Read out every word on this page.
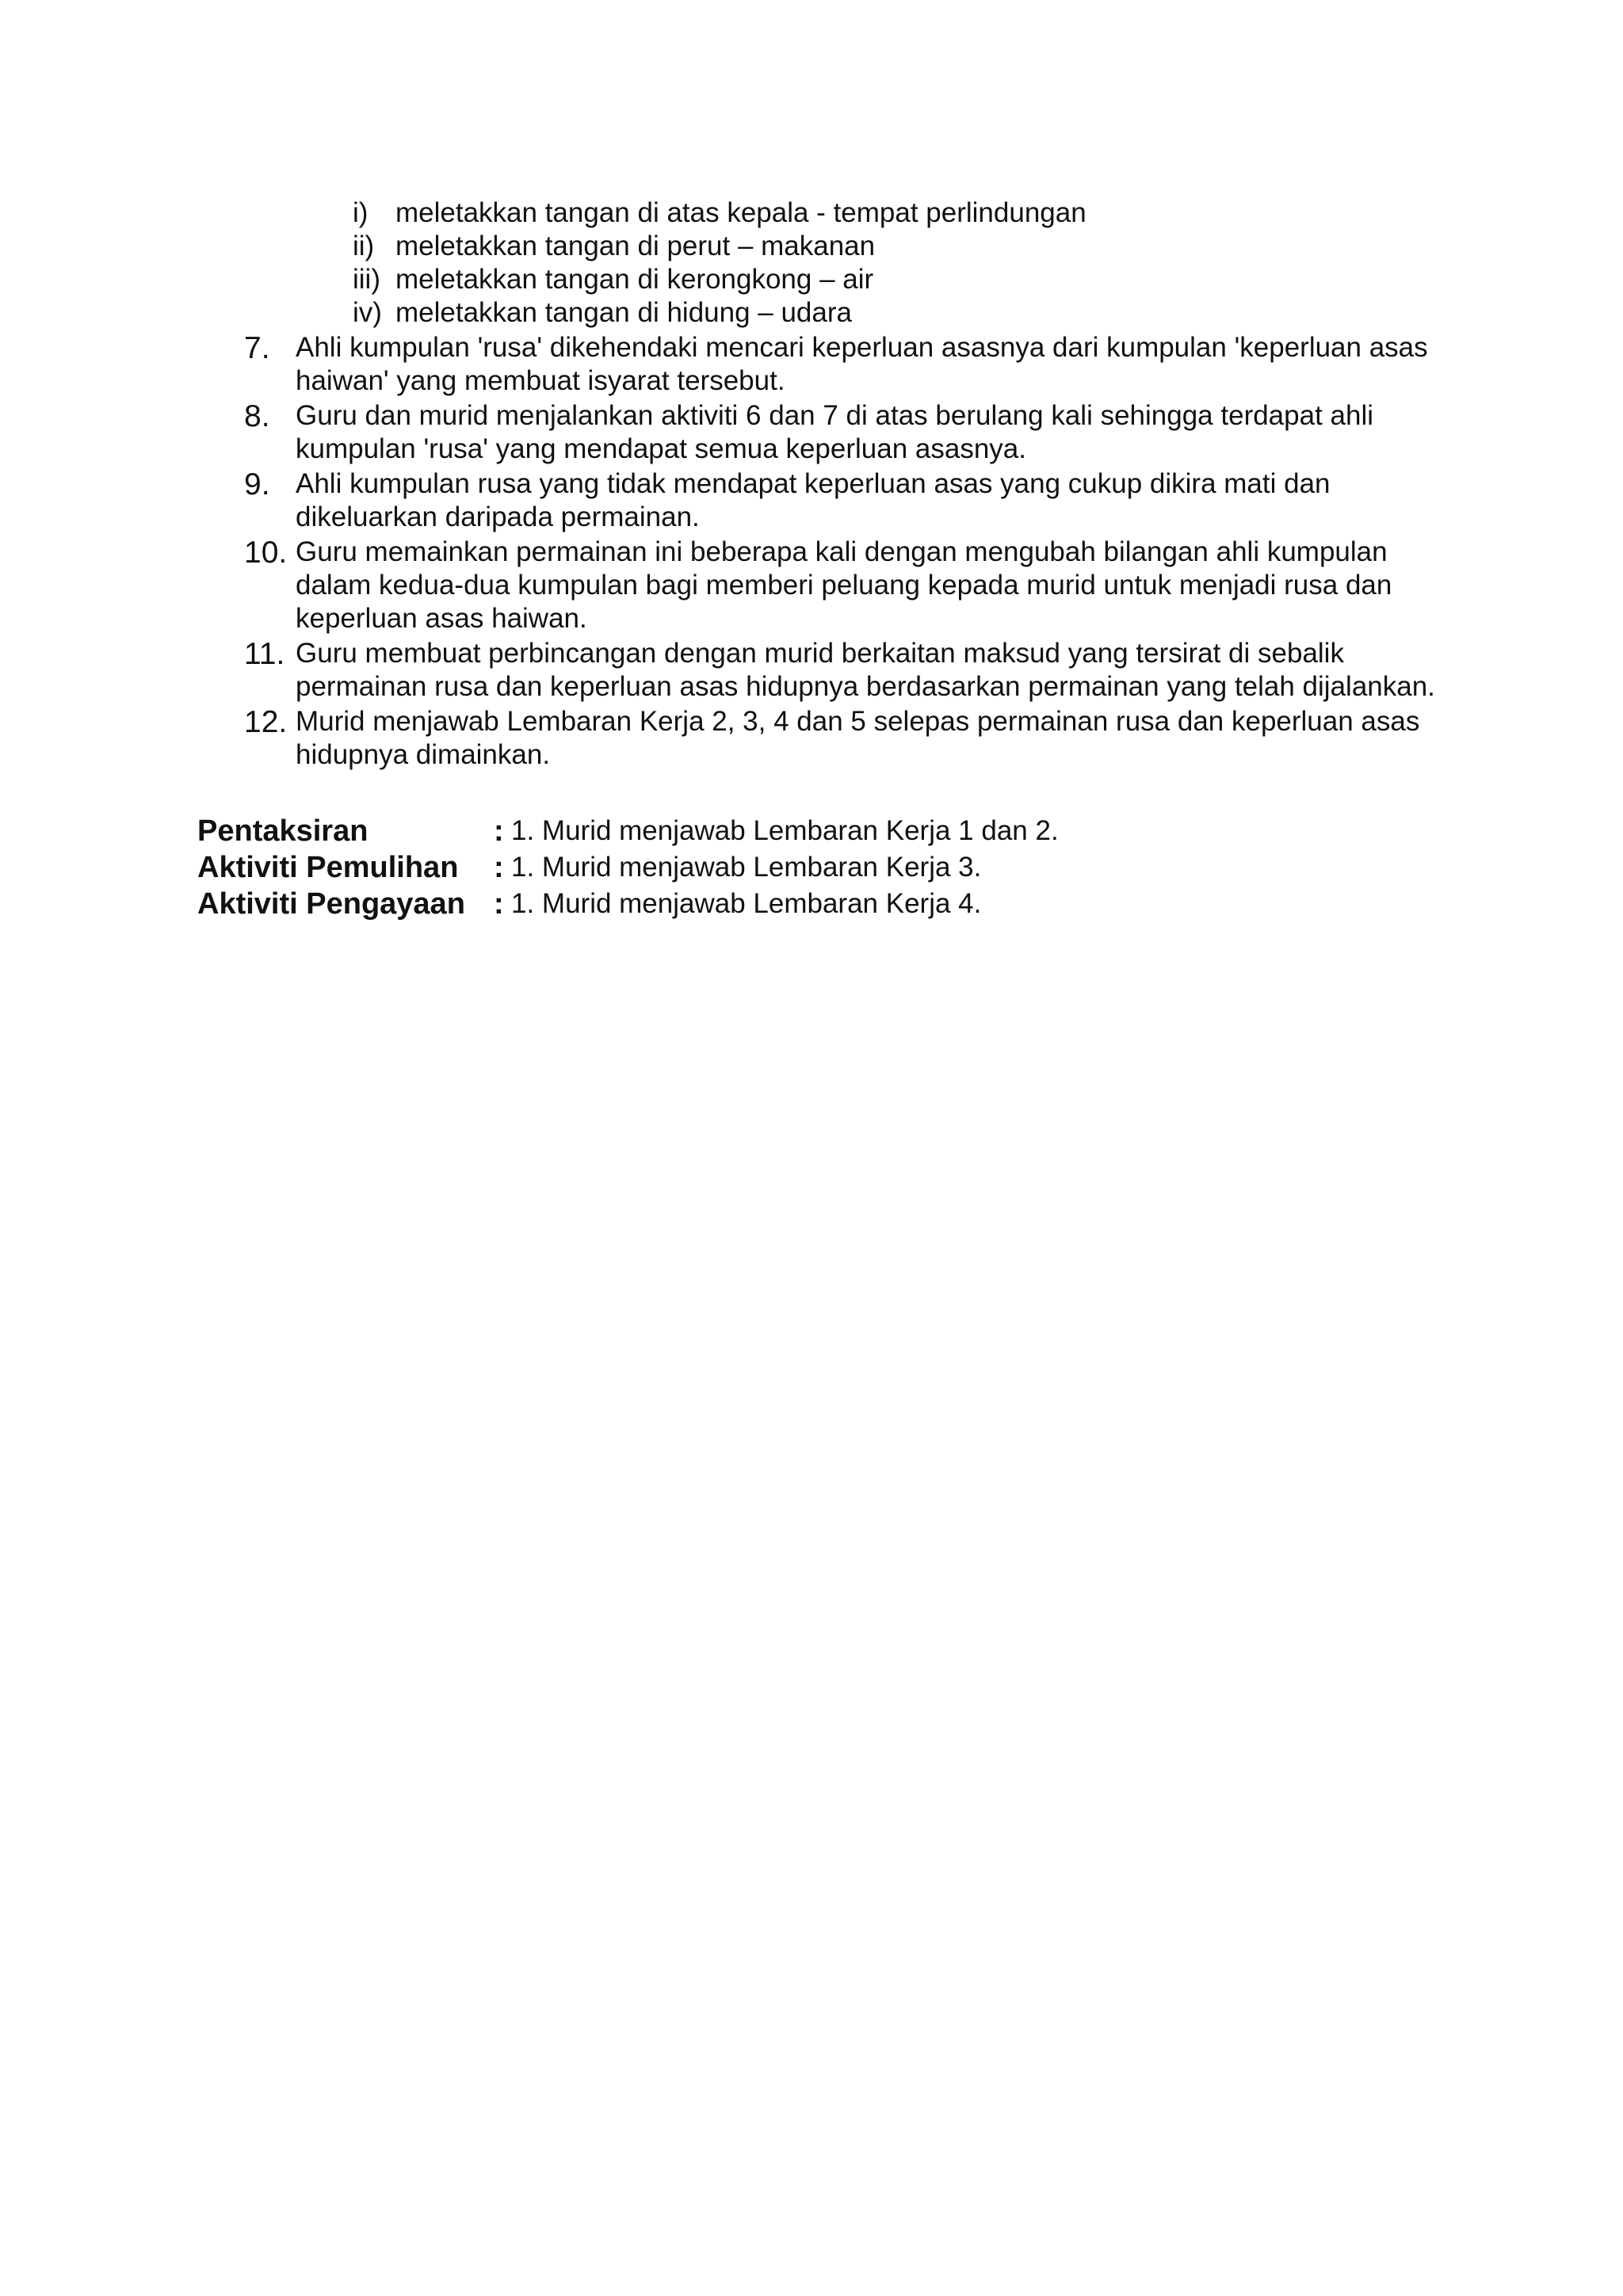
i) meletakkan tangan di atas kepala - tempat perlindungan
ii) meletakkan tangan di perut – makanan
iii) meletakkan tangan di kerongkong – air
iv) meletakkan tangan di hidung – udara
7. Ahli kumpulan 'rusa' dikehendaki mencari keperluan asasnya dari kumpulan 'keperluan asas haiwan' yang membuat isyarat tersebut.
8. Guru dan murid menjalankan aktiviti 6 dan 7 di atas berulang kali sehingga terdapat ahli kumpulan 'rusa' yang mendapat semua keperluan asasnya.
9. Ahli kumpulan rusa yang tidak mendapat keperluan asas yang cukup dikira mati dan dikeluarkan daripada permainan.
10. Guru memainkan permainan ini beberapa kali dengan mengubah bilangan ahli kumpulan dalam kedua-dua kumpulan bagi memberi peluang kepada murid untuk menjadi rusa dan keperluan asas haiwan.
11. Guru membuat perbincangan dengan murid berkaitan maksud yang tersirat di sebalik permainan rusa dan keperluan asas hidupnya berdasarkan permainan yang telah dijalankan.
12. Murid menjawab Lembaran Kerja 2, 3, 4 dan 5 selepas permainan rusa dan keperluan asas hidupnya dimainkan.
Pentaksiran	: 1. Murid menjawab Lembaran Kerja 1 dan 2.
Aktiviti Pemulihan	: 1. Murid menjawab Lembaran Kerja 3.
Aktiviti Pengayaan : 1. Murid menjawab Lembaran Kerja 4.
